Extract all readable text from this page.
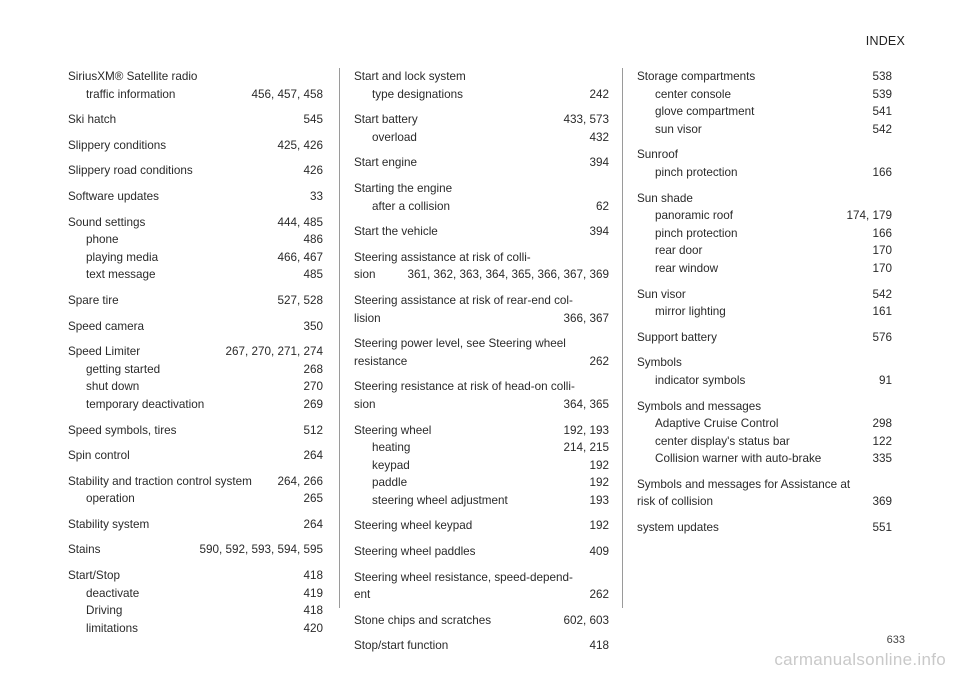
INDEX
SiriusXM® Satellite radio
traffic information	456, 457, 458
Ski hatch	545
Slippery conditions	425, 426
Slippery road conditions	426
Software updates	33
Sound settings	444, 485
phone	486
playing media	466, 467
text message	485
Spare tire	527, 528
Speed camera	350
Speed Limiter	267, 270, 271, 274
getting started	268
shut down	270
temporary deactivation	269
Speed symbols, tires	512
Spin control	264
Stability and traction control system	264, 266
operation	265
Stability system	264
Stains	590, 592, 593, 594, 595
Start/Stop	418
deactivate	419
Driving	418
limitations	420
Start and lock system
type designations	242
Start battery	433, 573
overload	432
Start engine	394
Starting the engine
after a collision	62
Start the vehicle	394
Steering assistance at risk of colli-
sion	361, 362, 363, 364, 365, 366, 367, 369
Steering assistance at risk of rear-end col-
lision	366, 367
Steering power level, see Steering wheel
resistance	262
Steering resistance at risk of head-on colli-
sion	364, 365
Steering wheel	192, 193
heating	214, 215
keypad	192
paddle	192
steering wheel adjustment	193
Steering wheel keypad	192
Steering wheel paddles	409
Steering wheel resistance, speed-depend-
ent	262
Stone chips and scratches	602, 603
Stop/start function	418
Storage compartments	538
center console	539
glove compartment	541
sun visor	542
Sunroof
pinch protection	166
Sun shade
panoramic roof	174, 179
pinch protection	166
rear door	170
rear window	170
Sun visor	542
mirror lighting	161
Support battery	576
Symbols
indicator symbols	91
Symbols and messages
Adaptive Cruise Control	298
center display's status bar	122
Collision warner with auto-brake	335
Symbols and messages for Assistance at
risk of collision	369
system updates	551
633
carmanualsonline.info
